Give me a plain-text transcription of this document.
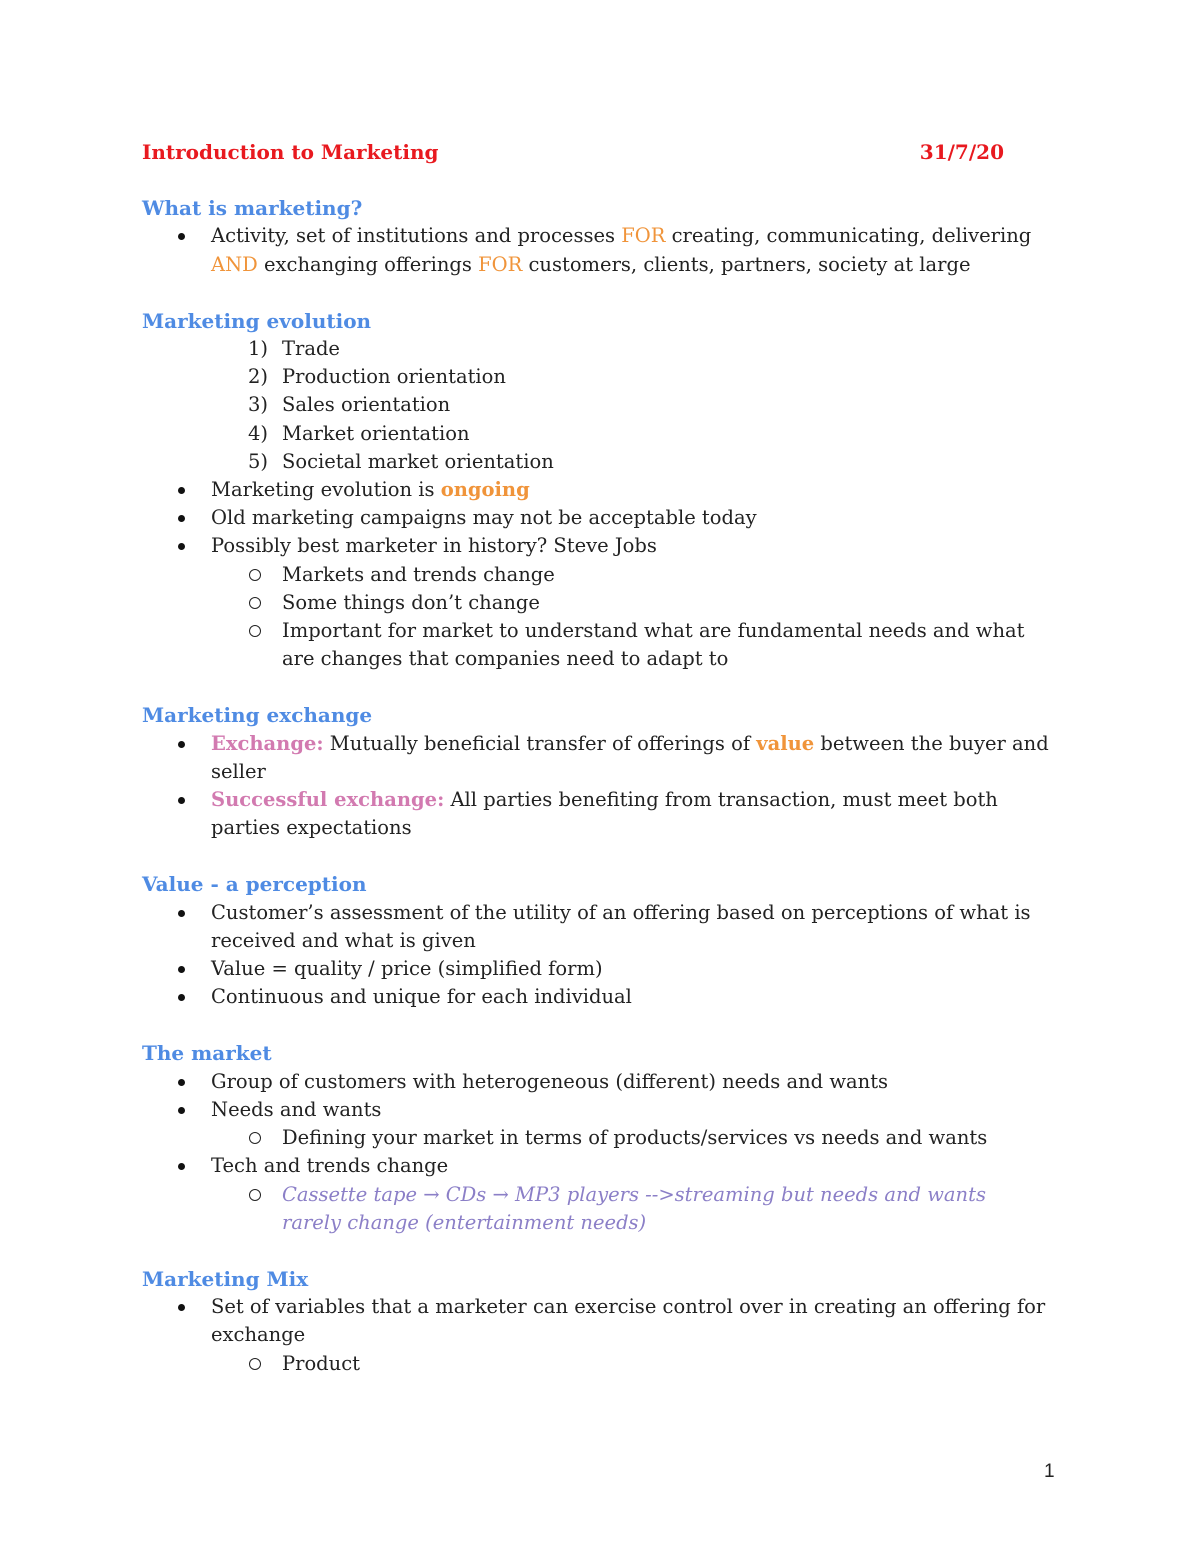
Introduction to Marketing	31/7/20

What is marketing?

Activity, set of institutions and processes FOR creating, communicating, delivering AND exchanging offerings FOR customers, clients, partners, society at large

Marketing evolution

1) Trade
2) Production orientation
3) Sales orientation
4) Market orientation
5) Societal market orientation
Marketing evolution is ongoing
Old marketing campaigns may not be acceptable today
Possibly best marketer in history? Steve Jobs
Markets and trends change
Some things don’t change
Important for market to understand what are fundamental needs and what are changes that companies need to adapt to

Marketing exchange

Exchange: Mutually beneficial transfer of offerings of value between the buyer and seller
Successful exchange: All parties benefiting from transaction, must meet both parties expectations

Value - a perception

Customer’s assessment of the utility of an offering based on perceptions of what is received and what is given
Value = quality / price (simplified form)
Continuous and unique for each individual

The market

Group of customers with heterogeneous (different) needs and wants
Needs and wants
Defining your market in terms of products/services vs needs and wants
Tech and trends change
Cassette tape → CDs → MP3 players -->streaming but needs and wants rarely change (entertainment needs)

Marketing Mix

Set of variables that a marketer can exercise control over in creating an offering for exchange
Product
1
